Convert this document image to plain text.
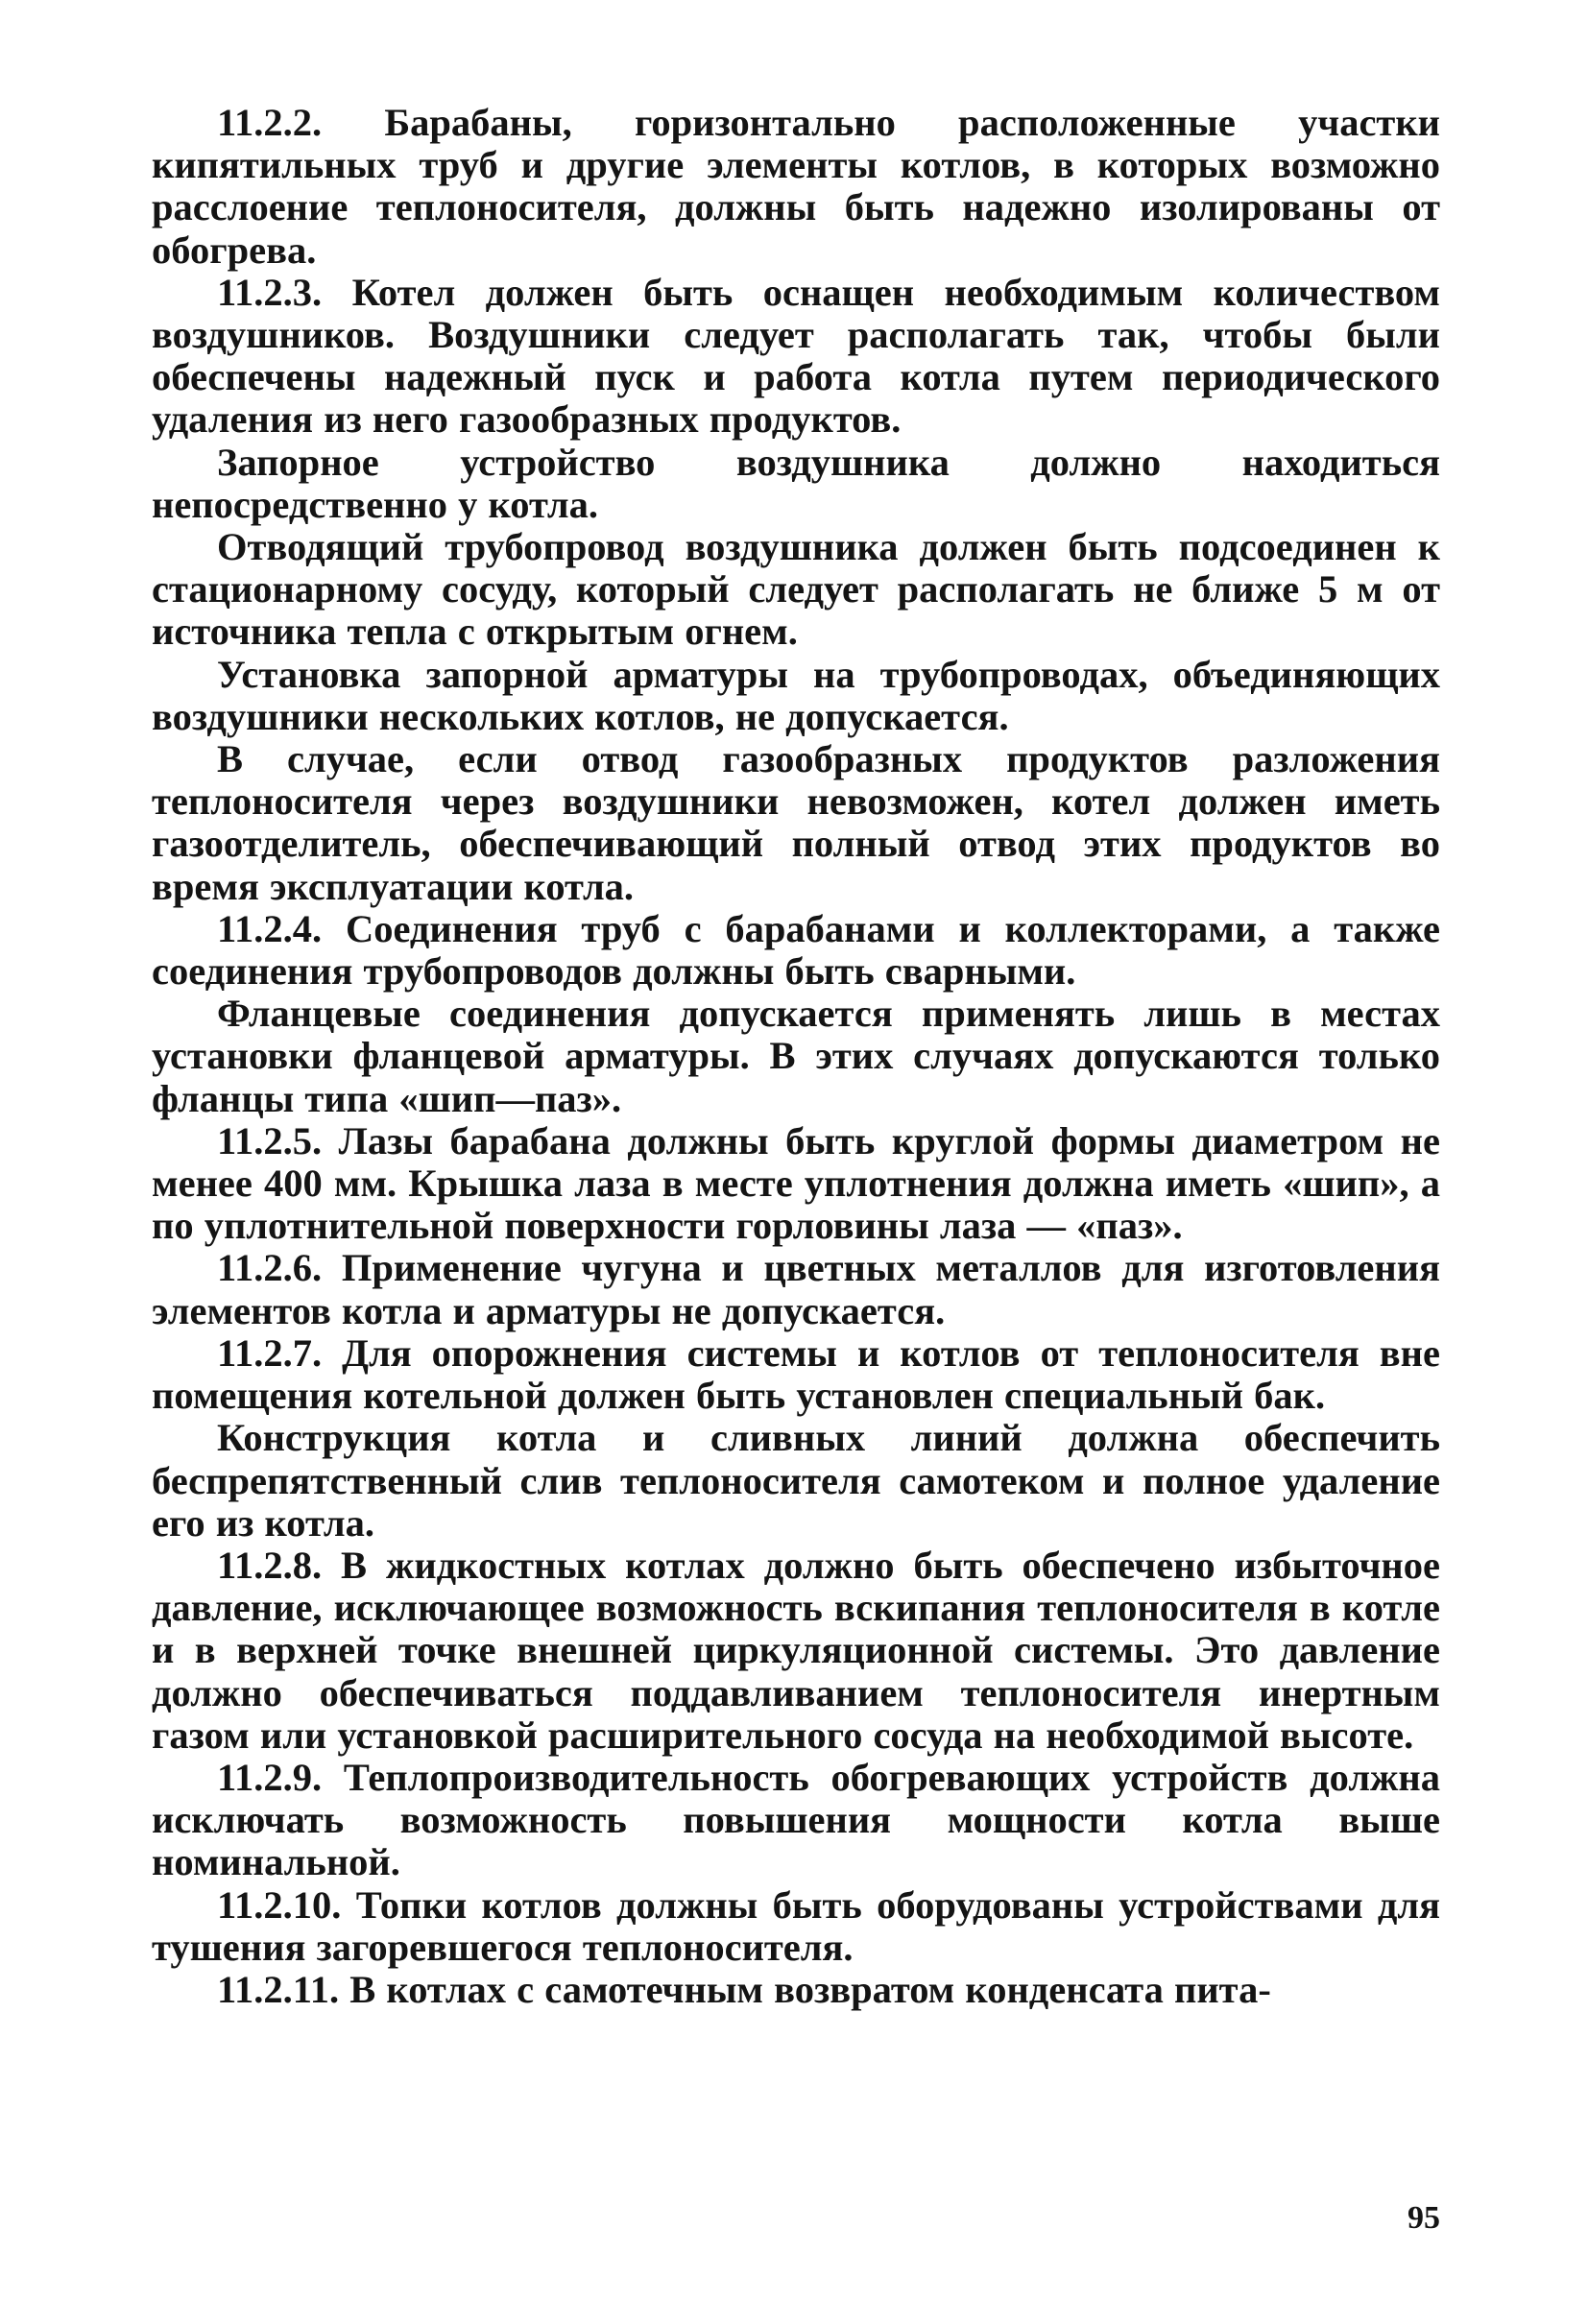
11.2.2. Барабаны, горизонтально расположенные участки кипятильных труб и другие элементы котлов, в которых возможно расслоение теплоносителя, должны быть надежно изолированы от обогрева.

11.2.3. Котел должен быть оснащен необходимым количеством воздушников. Воздушники следует располагать так, чтобы были обеспечены надежный пуск и работа котла путем периодического удаления из него газообразных продуктов.

Запорное устройство воздушника должно находиться непосредственно у котла.

Отводящий трубопровод воздушника должен быть подсоединен к стационарному сосуду, который следует располагать не ближе 5 м от источника тепла с открытым огнем.

Установка запорной арматуры на трубопроводах, объединяющих воздушники нескольких котлов, не допускается.

В случае, если отвод газообразных продуктов разложения теплоносителя через воздушники невозможен, котел должен иметь газоотделитель, обеспечивающий полный отвод этих продуктов во время эксплуатации котла.

11.2.4. Соединения труб с барабанами и коллекторами, а также соединения трубопроводов должны быть сварными.

Фланцевые соединения допускается применять лишь в местах установки фланцевой арматуры. В этих случаях допускаются только фланцы типа «шип—паз».

11.2.5. Лазы барабана должны быть круглой формы диаметром не менее 400 мм. Крышка лаза в месте уплотнения должна иметь «шип», а по уплотнительной поверхности горловины лаза — «паз».

11.2.6. Применение чугуна и цветных металлов для изготовления элементов котла и арматуры не допускается.

11.2.7. Для опорожнения системы и котлов от теплоносителя вне помещения котельной должен быть установлен специальный бак.

Конструкция котла и сливных линий должна обеспечить беспрепятственный слив теплоносителя самотеком и полное удаление его из котла.

11.2.8. В жидкостных котлах должно быть обеспечено избыточное давление, исключающее возможность вскипания теплоносителя в котле и в верхней точке внешней циркуляционной системы. Это давление должно обеспечиваться поддавливанием теплоносителя инертным газом или установкой расширительного сосуда на необходимой высоте.

11.2.9. Теплопроизводительность обогревающих устройств должна исключать возможность повышения мощности котла выше номинальной.

11.2.10. Топки котлов должны быть оборудованы устройствами для тушения загоревшегося теплоносителя.

11.2.11. В котлах с самотечным возвратом конденсата пита-

95
